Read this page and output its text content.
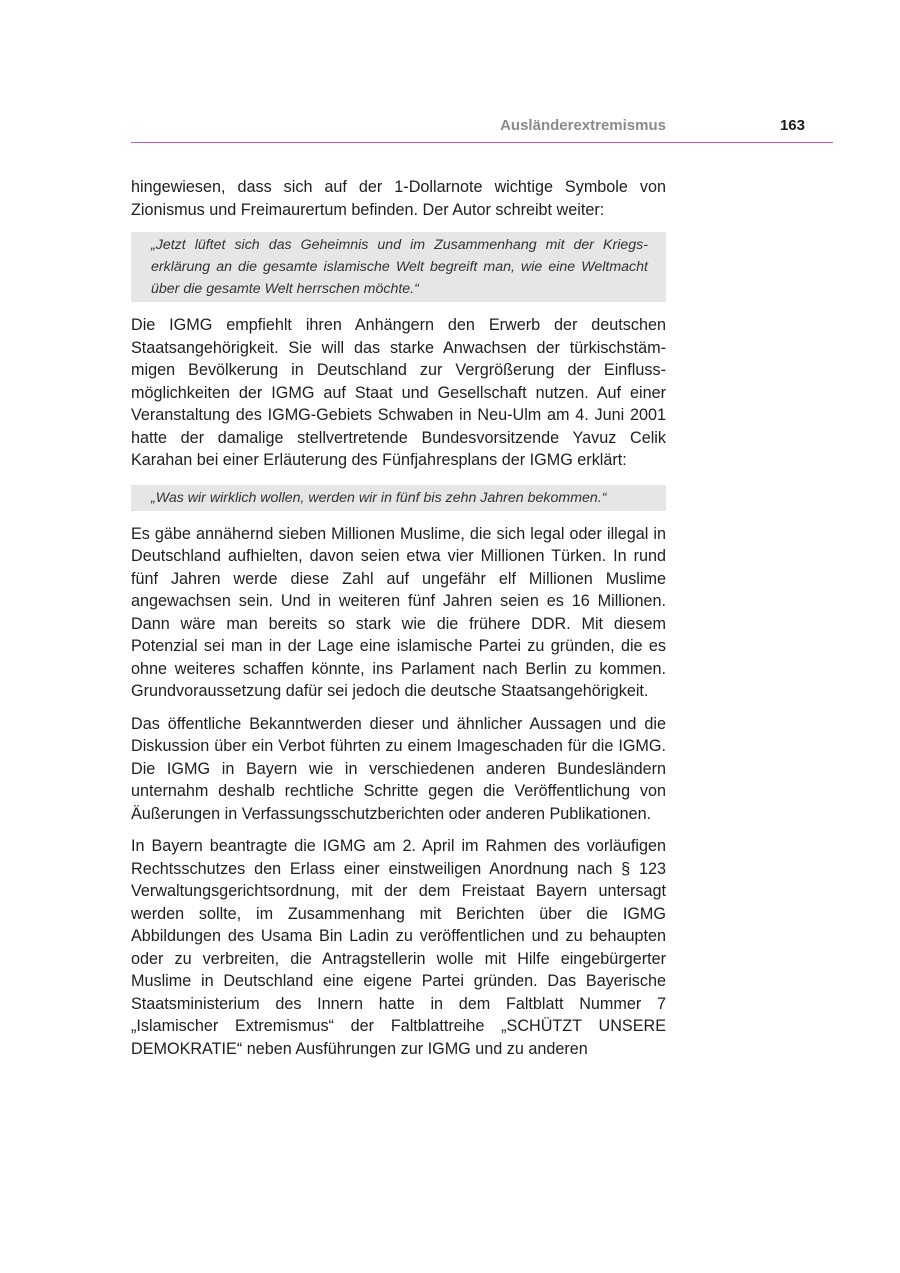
Ausländerextremismus	163

hingewiesen, dass sich auf der 1-Dollarnote wichtige Symbole von Zionismus und Freimaurertum befinden. Der Autor schreibt weiter:

„Jetzt lüftet sich das Geheimnis und im Zusammenhang mit der Kriegserklärung an die gesamte islamische Welt begreift man, wie eine Weltmacht über die gesamte Welt herrschen möchte.“

Die IGMG empfiehlt ihren Anhängern den Erwerb der deutschen Staatsangehörigkeit. Sie will das starke Anwachsen der türkischstämmigen Bevölkerung in Deutschland zur Vergrößerung der Einflussmöglichkeiten der IGMG auf Staat und Gesellschaft nutzen. Auf einer Veranstaltung des IGMG-Gebiets Schwaben in Neu-Ulm am 4. Juni 2001 hatte der damalige stellvertretende Bundesvorsitzende Yavuz Celik Karahan bei einer Erläuterung des Fünfjahresplans der IGMG erklärt:

„Was wir wirklich wollen, werden wir in fünf bis zehn Jahren bekommen.“

Es gäbe annähernd sieben Millionen Muslime, die sich legal oder illegal in Deutschland aufhielten, davon seien etwa vier Millionen Türken. In rund fünf Jahren werde diese Zahl auf ungefähr elf Millionen Muslime angewachsen sein. Und in weiteren fünf Jahren seien es 16 Millionen. Dann wäre man bereits so stark wie die frühere DDR. Mit diesem Potenzial sei man in der Lage eine islamische Partei zu gründen, die es ohne weiteres schaffen könnte, ins Parlament nach Berlin zu kommen. Grundvoraussetzung dafür sei jedoch die deutsche Staatsangehörigkeit.

Das öffentliche Bekanntwerden dieser und ähnlicher Aussagen und die Diskussion über ein Verbot führten zu einem Imageschaden für die IGMG. Die IGMG in Bayern wie in verschiedenen anderen Bundesländern unternahm deshalb rechtliche Schritte gegen die Veröffentlichung von Äußerungen in Verfassungsschutzberichten oder anderen Publikationen.

In Bayern beantragte die IGMG am 2. April im Rahmen des vorläufigen Rechtsschutzes den Erlass einer einstweiligen Anordnung nach § 123 Verwaltungsgerichtsordnung, mit der dem Freistaat Bayern untersagt werden sollte, im Zusammenhang mit Berichten über die IGMG Abbildungen des Usama Bin Ladin zu veröffentlichen und zu behaupten oder zu verbreiten, die Antragstellerin wolle mit Hilfe eingebürgerter Muslime in Deutschland eine eigene Partei gründen. Das Bayerische Staatsministerium des Innern hatte in dem Faltblatt Nummer 7 „Islamischer Extremismus“ der Faltblattreihe „SCHÜTZT UNSERE DEMOKRATIE“ neben Ausführungen zur IGMG und zu anderen
